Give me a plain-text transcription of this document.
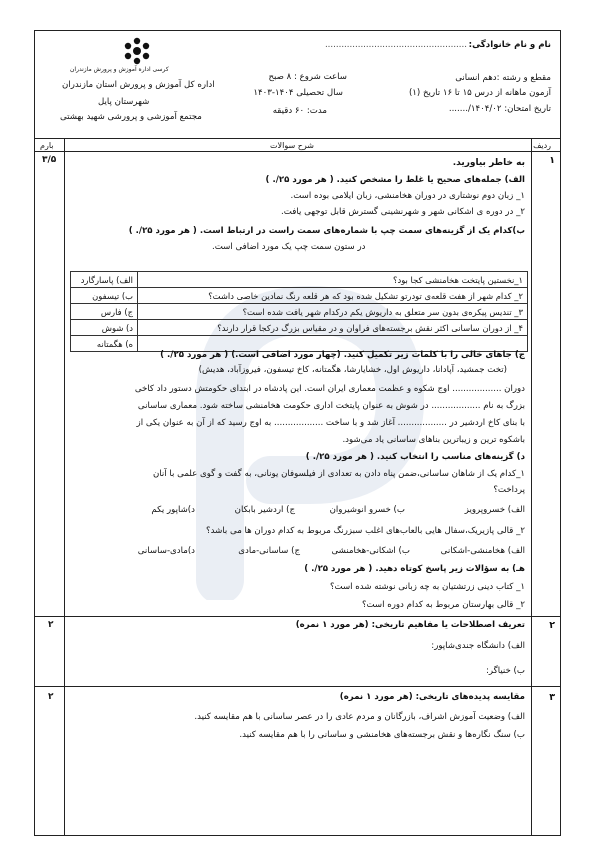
نام و نام خانوادگی:
....................................................
کرسی اداره آموزش و پرورش مازندران
مقطع و رشته :دهم انسانی
آزمون ماهانه از درس ۱۵ تا ۱۶ تاریخ (۱)
تاریخ امتحان: ۱۴۰۴/۰۲/.......
ساعت شروع : ۸ صبح
سال تحصیلی ۱۴۰۴-۱۴۰۳
مدت: ۶۰ دقیقه
اداره کل آموزش و پرورش استان مازندران
شهرستان پایل
مجتمع آموزشی و پرورشی شهید بهشتی
ردیف
شرح سوالات
بارم
۱
۳/۵	به خاطر بیاورید.
الف) جمله‌های صحیح یا غلط را مشخص کنید. ( هر مورد ۲۵/. )
۱_ زبان دوم نوشتاری در دوران هخامنشی، زبان ایلامی بوده است.
۲_ در دوره ی اشکانی شهر و شهرنشینی گسترش قابل توجهی یافت.
ب)کدام یک از گزینه‌های سمت چپ با شماره‌های سمت راست در ارتباط است. ( هر مورد ۲۵/. )
در ستون سمت چپ یک مورد اضافی است.
۱_نخستین پایتخت هخامنشی کجا بود؟	الف) پاسارگارد
۲_ کدام شهر از هفت قلعه‌ی تودرتو تشکیل شده بود که هر قلعه رنگ نمادین خاصی داشت؟	ب) تیسفون
۳_ تندیس پیکره‌ی بدون سر متعلق به داریوش یکم درکدام شهر یافت شده است؟	ج) فارس
۴_ از دوران ساسانی اکثر نقش برجسته‌های فراوان و در مقیاس بزرگ درکجا قرار دارند؟	د) شوش
	ه) هگمتانه
ج) جاهای خالی را با کلمات زیر تکمیل کنید. (چهار مورد اضافی است.) ( هر مورد ۲۵/. )
(تخت جمشید، آپادانا، داریوش اول، خشایارشا، هگمتانه، کاخ تیسفون، فیروزآباد، هدیش)
دوران .................. اوج شکوه و عظمت معماری ایران است. این پادشاه در ابتدای حکومتش دستور داد کاخی
بزرگ به نام .................. در شوش به عنوان پایتخت اداری حکومت هخامنشی ساخته شود. معماری ساسانی
با بنای کاخ اردشیر در .................. آغاز شد و با ساخت .................. به اوج رسید که از آن به عنوان یکی از
باشکوه ترین و زیباترین بناهای ساسانی یاد می‌شود.
د) گزینه‌های مناسب را انتخاب کنید. ( هر مورد ۲۵/. )
۱_کدام یک از شاهان ساسانی،ضمن پناه دادن به تعدادی از فیلسوفان یونانی، به گفت و گوی علمی با آنان
پرداخت؟
الف) خسروپرویز
ب) خسرو انوشیروان
ج) اردشیر بابکان
د)شاپور یکم
۲_ قالی پازیریک،سفال هایی بالعاب‌های اغلب سبزرنگ مربوط به کدام دوران ها می باشد؟
الف) هخامنشی-اشکانی
ب) اشکانی-هخامنشی
ج) ساسانی-مادی
د)مادی-ساسانی
هـ) به سؤالات زیر پاسخ کوتاه دهید. ( هر مورد ۲۵/. )
۱_ کتاب دینی زرتشتیان به چه زبانی نوشته شده است؟
۲_ قالی بهارستان مربوط به کدام دوره است؟
۲
۲	تعریف اصطلاحات یا مفاهیم تاریخی: (هر مورد ۱ نمره)
الف) دانشگاه جندی‌شاپور:
ب) خنیاگر:
۳
۲	مقایسه‌ پدیده‌های تاریخی: (هر مورد ۱ نمره)
الف) وضعیت آموزش اشراف، بازرگانان و مردم عادی را در عصر ساسانی با هم مقایسه کنید.
ب) سنگ نگاره‌ها و نقش برجسته‌های هخامنشی و ساسانی را با هم مقایسه کنید.
